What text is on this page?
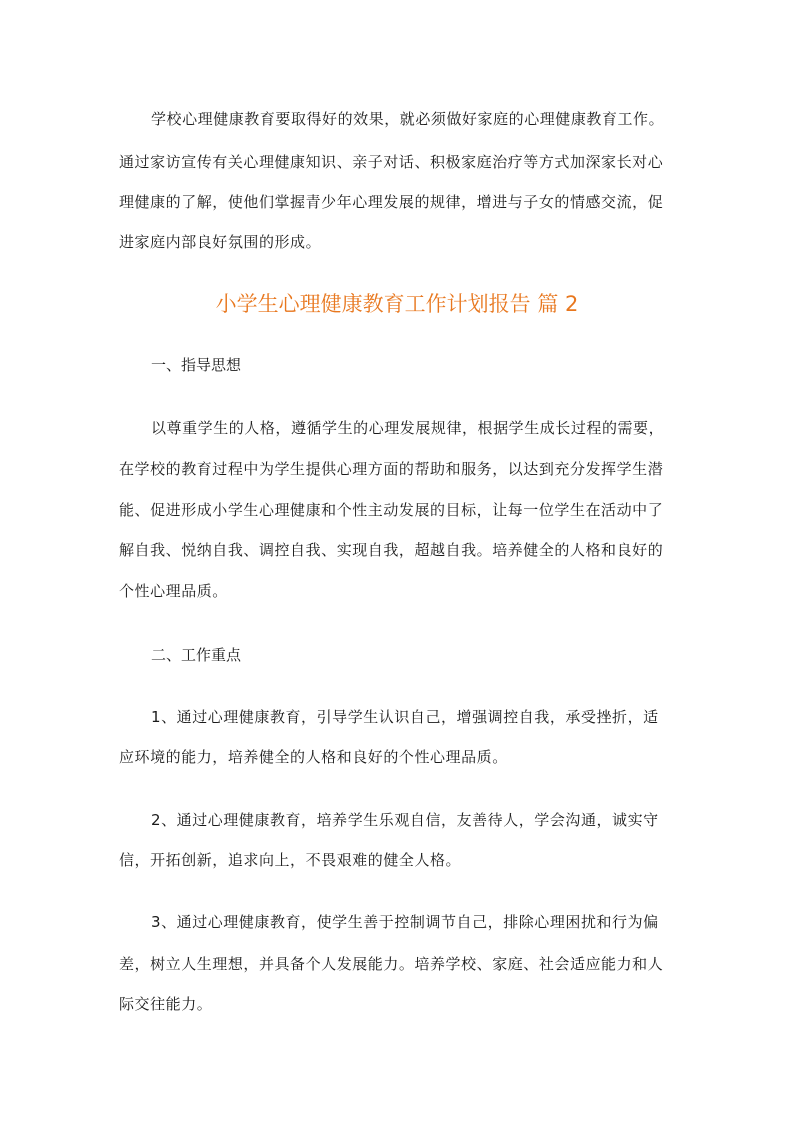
学校心理健康教育要取得好的效果，就必须做好家庭的心理健康教育工作。
通过家访宣传有关心理健康知识、亲子对话、积极家庭治疗等方式加深家长对心
理健康的了解，使他们掌握青少年心理发展的规律，增进与子女的情感交流，促
进家庭内部良好氛围的形成。
小学生心理健康教育工作计划报告 篇 2
一、指导思想
以尊重学生的人格，遵循学生的心理发展规律，根据学生成长过程的需要，
在学校的教育过程中为学生提供心理方面的帮助和服务，以达到充分发挥学生潜
能、促进形成小学生心理健康和个性主动发展的目标，让每一位学生在活动中了
解自我、悦纳自我、调控自我、实现自我，超越自我。培养健全的人格和良好的
个性心理品质。
二、工作重点
1、通过心理健康教育，引导学生认识自己，增强调控自我，承受挫折，适
应环境的能力，培养健全的人格和良好的个性心理品质。
2、通过心理健康教育，培养学生乐观自信，友善待人，学会沟通，诚实守
信，开拓创新，追求向上，不畏艰难的健全人格。
3、通过心理健康教育，使学生善于控制调节自己，排除心理困扰和行为偏
差，树立人生理想，并具备个人发展能力。培养学校、家庭、社会适应能力和人
际交往能力。
